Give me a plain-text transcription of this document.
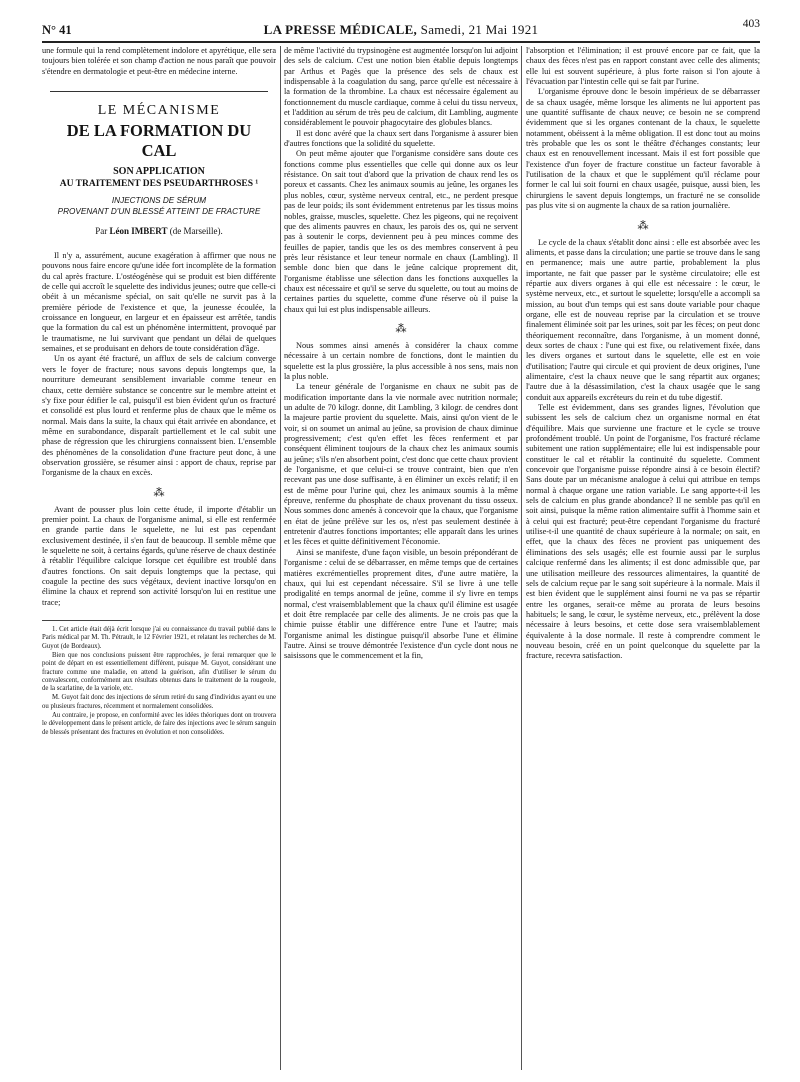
N° 41	LA PRESSE MÉDICALE, Samedi, 21 Mai 1921	403

une formule qui la rend complètement indolore et apyrétique, elle sera toujours bien tolérée et son champ d'action ne nous paraît que pouvoir s'étendre en dermatologie et peut-être en médecine interne.

LE MÉCANISME
DE LA FORMATION DU CAL
SON APPLICATION
AU TRAITEMENT DES PSEUDARTHROSES ¹
INJECTIONS DE SÉRUM
PROVENANT D'UN BLESSÉ ATTEINT DE FRACTURE
Par Léon IMBERT (de Marseille).

Il n'y a, assurément, aucune exagération à affirmer que nous ne pouvons nous faire encore qu'une idée fort incomplète de la formation du cal après fracture. L'ostéogénèse qui se produit est bien différente de celle qui accroît le squelette des individus jeunes; outre que celle-ci obéit à un mécanisme spécial, on sait qu'elle ne survit pas à la première période de l'existence et que, la jeunesse écoulée, la croissance en longueur, en largeur et en épaisseur est arrêtée, tandis que la formation du cal est un phénomène intermittent, provoqué par le traumatisme, ne lui survivant que pendant un délai de quelques semaines, et se produisant en dehors de toute considération d'âge.

Un os ayant été fracturé, un afflux de sels de calcium converge vers le foyer de fracture; nous savons depuis longtemps que, la nourriture demeurant sensiblement invariable comme teneur en chaux, cette dernière substance se concentre sur le membre atteint et s'y fixe pour édifier le cal, puisqu'il est bien évident qu'un os fracturé et consolidé est plus lourd et renferme plus de chaux que le même os normal. Mais dans la suite, la chaux qui était arrivée en abondance, et même en surabondance, disparaît partiellement et le cal subit une phase de régression que les chirurgiens connaissent bien. L'ensemble des phénomènes de la consolidation d'une fracture peut donc, à une observation grossière, se résumer ainsi : apport de chaux, reprise par l'organisme de la chaux en excès.

⁂

Avant de pousser plus loin cette étude, il importe d'établir un premier point. La chaux de l'organisme animal, si elle est renfermée en grande partie dans le squelette, ne lui est pas cependant exclusivement destinée, il s'en faut de beaucoup. Il semble même que le squelette ne soit, à certains égards, qu'une réserve de chaux destinée à rétablir l'équilibre calcique lorsque cet équilibre est troublé dans d'autres fonctions. On sait depuis longtemps que la pectase, qui coagule la pectine des sucs végétaux, devient inactive lorsqu'on en élimine la chaux et reprend son activité lorsqu'on lui en restitue une trace;

1. Cet article était déjà écrit lorsque j'ai eu connaissance du travail publié dans le Paris médical par M. Th. Pétrault, le 12 Février 1921, et relatant les recherches de M. Guyot (de Bordeaux).

Bien que nos conclusions puissent être rapprochées, je ferai remarquer que le point de départ en est essentiellement différent, puisque M. Guyot, considérant une fracture comme une maladie, en attend la guérison, afin d'utiliser le sérum du convalescent, conformément aux résultats obtenus dans le traitement de la rougeole, de la scarlatine, de la variole, etc.

M. Guyot fait donc des injections de sérum retiré du sang d'individus ayant eu une ou plusieurs fractures, récemment et normalement consolidées.

Au contraire, je propose, en conformité avec les idées théoriques dont on trouvera le développement dans le présent article, de faire des injections avec le sérum sanguin de blessés présentant des fractures en évolution et non consolidées.

de même l'activité du trypsinogène est augmentée lorsqu'on lui adjoint des sels de calcium. C'est une notion bien établie depuis longtemps par Arthus et Pagès que la présence des sels de chaux est indispensable à la coagulation du sang, parce qu'elle est nécessaire à la formation de la thrombine. La chaux est nécessaire également au fonctionnement du muscle cardiaque, comme à celui du tissu nerveux, et l'addition au sérum de très peu de calcium, dit Lambling, augmente considérablement le pouvoir phagocytaire des globules blancs.

Il est donc avéré que la chaux sert dans l'organisme à assurer bien d'autres fonctions que la solidité du squelette.

On peut même ajouter que l'organisme considère sans doute ces fonctions comme plus essentielles que celle qui donne aux os leur résistance. On sait tout d'abord que la privation de chaux rend les os poreux et cassants. Chez les animaux soumis au jeûne, les organes les plus nobles, cœur, système nerveux central, etc., ne perdent presque pas de leur poids; ils sont évidemment entretenus par les tissus moins nobles, graisse, muscles, squelette. Chez les pigeons, qui ne reçoivent que des aliments pauvres en chaux, les parois des os, qui ne servent pas à soutenir le corps, deviennent peu à peu minces comme des feuilles de papier, tandis que les os des membres conservent à peu près leur résistance et leur teneur normale en chaux (Lambling). Il semble donc bien que dans le jeûne calcique proprement dit, l'organisme établisse une sélection dans les fonctions auxquelles la chaux est nécessaire et qu'il se serve du squelette, ou tout au moins de certaines parties du squelette, comme d'une réserve où il puise la chaux qui lui est plus indispensable ailleurs.

⁂

Nous sommes ainsi amenés à considérer la chaux comme nécessaire à un certain nombre de fonctions, dont le maintien du squelette est la plus grossière, la plus accessible à nos sens, mais non la plus noble.

La teneur générale de l'organisme en chaux ne subit pas de modification importante dans la vie normale avec nutrition normale; un adulte de 70 kilogr. donne, dit Lambling, 3 kilogr. de cendres dont la majeure partie provient du squelette. Mais, ainsi qu'on vient de le voir, si on soumet un animal au jeûne, sa provision de chaux diminue progressivement; c'est qu'en effet les fèces renferment et par conséquent éliminent toujours de la chaux chez les animaux soumis au jeûne; s'ils n'en absorbent point, c'est donc que cette chaux provient de l'organisme, et que celui-ci se trouve contraint, bien que n'en recevant pas une dose suffisante, à en éliminer un excès relatif; il en est de même pour l'urine qui, chez les animaux soumis à la même épreuve, renferme du phosphate de chaux provenant du tissu osseux. Nous sommes donc amenés à concevoir que la chaux, que l'organisme en état de jeûne prélève sur les os, n'est pas seulement destinée à entretenir d'autres fonctions importantes; elle apparaît dans les urines et les fèces et quitte définitivement l'économie.

Ainsi se manifeste, d'une façon visible, un besoin prépondérant de l'organisme : celui de se débarrasser, en même temps que de certaines matières excrémentielles proprement dites, d'une autre matière, la chaux, qui lui est cependant nécessaire. S'il se livre à une telle prodigalité en temps anormal de jeûne, comme il s'y livre en temps normal, c'est vraisemblablement que la chaux qu'il élimine est usagée et doit être remplacée par celle des aliments. Je ne crois pas que la chimie puisse établir une différence entre l'une et l'autre; mais l'organisme animal les distingue puisqu'il absorbe l'une et élimine l'autre. Ainsi se trouve démontrée l'existence d'un cycle dont nous ne saisissons que le commencement et la fin,

l'absorption et l'élimination; il est prouvé encore par ce fait, que la chaux des fèces n'est pas en rapport constant avec celle des aliments; elle lui est souvent supérieure, à plus forte raison si l'on ajoute à l'évacuation par l'intestin celle qui se fait par l'urine.

L'organisme éprouve donc le besoin impérieux de se débarrasser de sa chaux usagée, même lorsque les aliments ne lui apportent pas une quantité suffisante de chaux neuve; ce besoin ne se comprend évidemment que si les organes contenant de la chaux, le squelette notamment, obéissent à la même obligation. Il est donc tout au moins très probable que les os sont le théâtre d'échanges constants; leur chaux est en renouvellement incessant. Mais il est fort possible que l'existence d'un foyer de fracture constitue un facteur favorable à l'utilisation de la chaux et que le supplément qu'il réclame pour former le cal lui soit fourni en chaux usagée, puisque, aussi bien, les chirurgiens le savent depuis longtemps, un fracturé ne se consolide pas plus vite si on augmente la chaux de sa ration journalière.

⁂

Le cycle de la chaux s'établit donc ainsi : elle est absorbée avec les aliments, et passe dans la circulation; une partie se trouve dans le sang en permanence; mais une autre partie, probablement la plus importante, ne fait que passer par le système circulatoire; elle est répartie aux divers organes à qui elle est nécessaire : le cœur, le système nerveux, etc., et surtout le squelette; lorsqu'elle a accompli sa mission, au bout d'un temps qui est sans doute variable pour chaque organe, elle est de nouveau reprise par la circulation et se trouve finalement éliminée soit par les urines, soit par les fèces; on peut donc théoriquement reconnaître, dans l'organisme, à un moment donné, deux sortes de chaux : l'une qui est fixe, ou relativement fixée, dans les divers organes et surtout dans le squelette, elle est en voie d'utilisation; l'autre qui circule et qui provient de deux origines, l'une alimentaire, c'est la chaux neuve que le sang répartit aux organes; l'autre due à la désassimilation, c'est la chaux usagée que le sang conduit aux appareils excréteurs du rein et du tube digestif.

Telle est évidemment, dans ses grandes lignes, l'évolution que subissent les sels de calcium chez un organisme normal en état d'équilibre. Mais que survienne une fracture et le cycle se trouve profondément troublé. Un point de l'organisme, l'os fracturé réclame subitement une ration supplémentaire; elle lui est indispensable pour constituer le cal et rétablir la continuité du squelette. Comment concevoir que l'organisme puisse répondre ainsi à ce besoin électif? Sans doute par un mécanisme analogue à celui qui attribue en temps normal à chaque organe une ration variable. Le sang apporte-t-il les sels de calcium en plus grande abondance? Il ne semble pas qu'il en soit ainsi, puisque la même ration alimentaire suffit à l'homme sain et à celui qui est fracturé; peut-être cependant l'organisme du fracturé utilise-t-il une quantité de chaux supérieure à la normale; on sait, en effet, que la chaux des fèces ne provient pas uniquement des éliminations des sels usagés; elle est fournie aussi par le surplus calcique renfermé dans les aliments; il est donc admissible que, par une utilisation meilleure des ressources alimentaires, la quantité de sels de calcium reçue par le sang soit supérieure à la normale. Mais il est bien évident que le supplément ainsi fourni ne va pas se répartir entre les organes, serait-ce même au prorata de leurs besoins habituels; le sang, le cœur, le système nerveux, etc., prélèvent la dose nécessaire à leurs besoins, et cette dose sera vraisemblablement équivalente à la dose normale. Il reste à comprendre comment le nouveau besoin, créé en un point quelconque du squelette par la fracture, recevra satisfaction.
